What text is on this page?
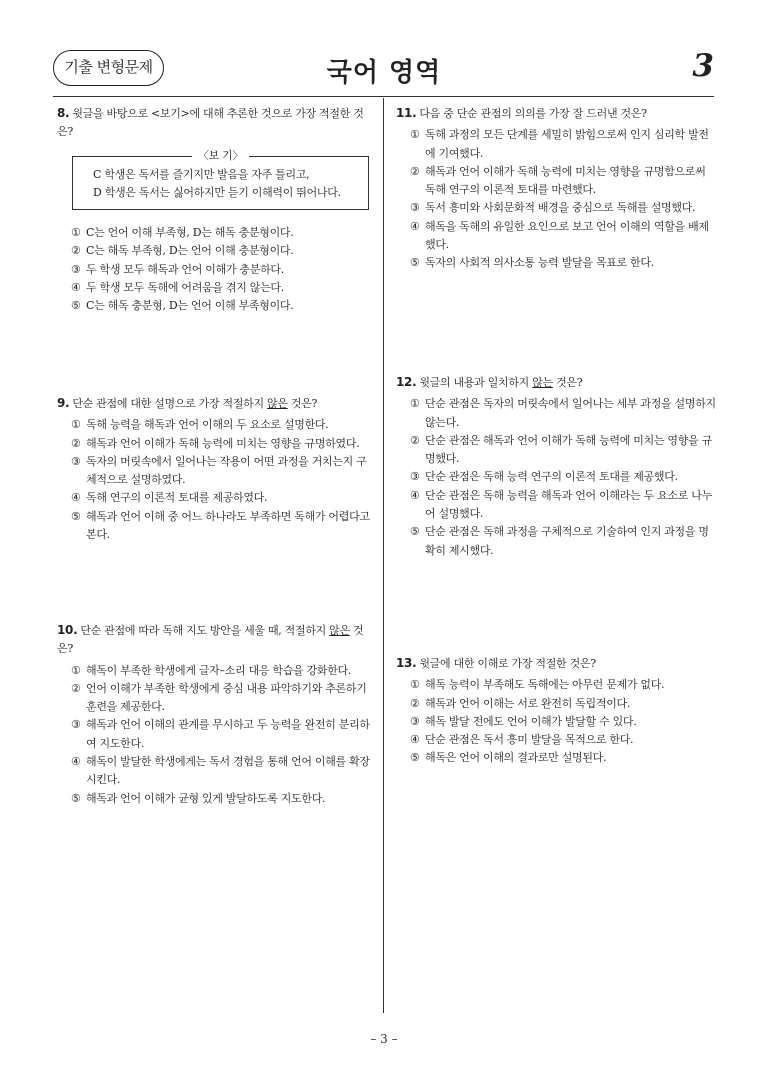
기출 변형문제	국어 영역	3

8. 윗글을 바탕으로 <보기>에 대해 추론한 것으로 가장 적절한 것은?

〈보 기〉
C 학생은 독서를 즐기지만 발음을 자주 틀리고,
D 학생은 독서는 싫어하지만 듣기 이해력이 뛰어나다.
① C는 언어 이해 부족형, D는 해독 충분형이다.
② C는 해독 부족형, D는 언어 이해 충분형이다.
③ 두 학생 모두 해독과 언어 이해가 충분하다.
④ 두 학생 모두 독해에 어려움을 겪지 않는다.
⑤ C는 해독 충분형, D는 언어 이해 부족형이다.

9. 단순 관점에 대한 설명으로 가장 적절하지 않은 것은?

① 독해 능력을 해독과 언어 이해의 두 요소로 설명한다.
② 해독과 언어 이해가 독해 능력에 미치는 영향을 규명하였다.
③ 독자의 머릿속에서 일어나는 작용이 어떤 과정을 거치는지 구체적으로 설명하였다.
④ 독해 연구의 이론적 토대를 제공하였다.
⑤ 해독과 언어 이해 중 어느 하나라도 부족하면 독해가 어렵다고 본다.

10. 단순 관점에 따라 독해 지도 방안을 세울 때, 적절하지 않은 것은?

① 해독이 부족한 학생에게 글자–소리 대응 학습을 강화한다.
② 언어 이해가 부족한 학생에게 중심 내용 파악하기와 추론하기 훈련을 제공한다.
③ 해독과 언어 이해의 관계를 무시하고 두 능력을 완전히 분리하여 지도한다.
④ 해독이 발달한 학생에게는 독서 경험을 통해 언어 이해를 확장시킨다.
⑤ 해독과 언어 이해가 균형 있게 발달하도록 지도한다.

11. 다음 중 단순 관점의 의의를 가장 잘 드러낸 것은?

① 독해 과정의 모든 단계를 세밀히 밝힘으로써 인지 심리학 발전에 기여했다.
② 해독과 언어 이해가 독해 능력에 미치는 영향을 규명함으로써 독해 연구의 이론적 토대를 마련했다.
③ 독서 흥미와 사회문화적 배경을 중심으로 독해를 설명했다.
④ 해독을 독해의 유일한 요인으로 보고 언어 이해의 역할을 배제했다.
⑤ 독자의 사회적 의사소통 능력 발달을 목표로 한다.

12. 윗글의 내용과 일치하지 않는 것은?

① 단순 관점은 독자의 머릿속에서 일어나는 세부 과정을 설명하지 않는다.
② 단순 관점은 해독과 언어 이해가 독해 능력에 미치는 영향을 규명했다.
③ 단순 관점은 독해 능력 연구의 이론적 토대를 제공했다.
④ 단순 관점은 독해 능력을 해독과 언어 이해라는 두 요소로 나누어 설명했다.
⑤ 단순 관점은 독해 과정을 구체적으로 기술하여 인지 과정을 명확히 제시했다.

13. 윗글에 대한 이해로 가장 적절한 것은?

① 해독 능력이 부족해도 독해에는 아무런 문제가 없다.
② 해독과 언어 이해는 서로 완전히 독립적이다.
③ 해독 발달 전에도 언어 이해가 발달할 수 있다.
④ 단순 관점은 독서 흥미 발달을 목적으로 한다.
⑤ 해독은 언어 이해의 결과로만 설명된다.
– 3 –
